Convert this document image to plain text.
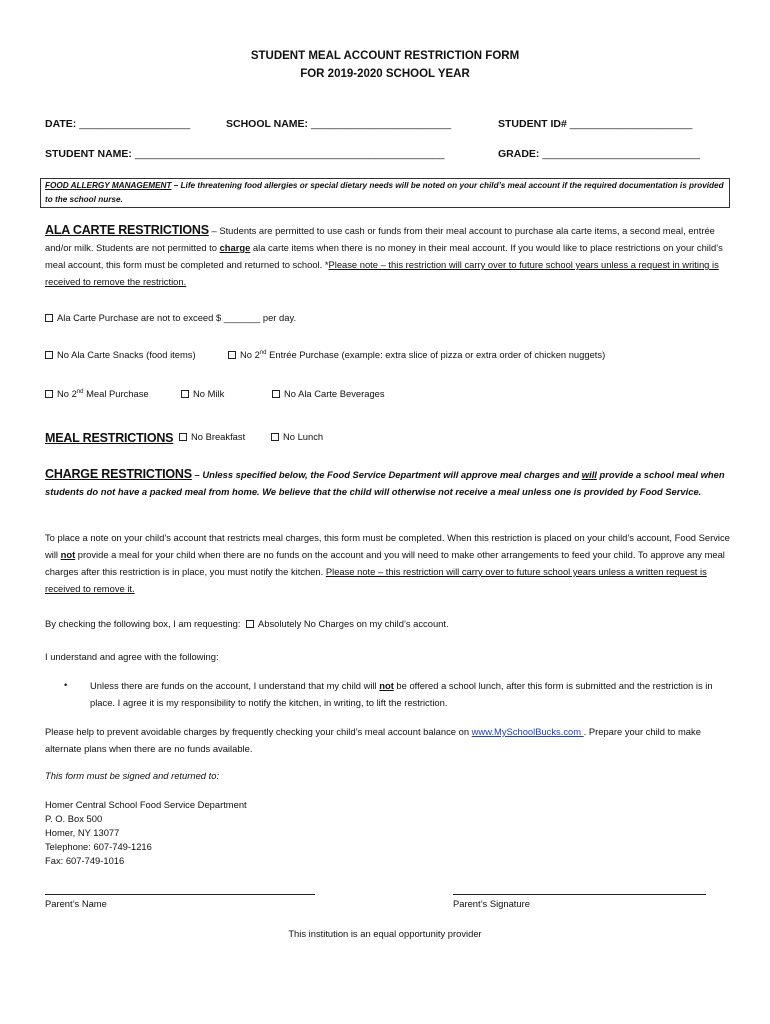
STUDENT MEAL ACCOUNT RESTRICTION FORM
FOR 2019-2020 SCHOOL YEAR
DATE: ___________________	SCHOOL NAME: ________________________	STUDENT ID# _____________________
STUDENT NAME: _____________________________________________________	GRADE: ___________________________
FOOD ALLERGY MANAGEMENT – Life threatening food allergies or special dietary needs will be noted on your child’s meal account if the required documentation is provided to the school nurse.
ALA CARTE RESTRICTIONS – Students are permitted to use cash or funds from their meal account to purchase ala carte items, a second meal, entrée and/or milk. Students are not permitted to charge ala carte items when there is no money in their meal account. If you would like to place restrictions on your child’s meal account, this form must be completed and returned to school. *Please note – this restriction will carry over to future school years unless a request in writing is received to remove the restriction.
Ala Carte Purchase are not to exceed $ _______ per day.
No Ala Carte Snacks (food items)	No 2nd Entrée Purchase (example: extra slice of pizza or extra order of chicken nuggets)
No 2nd Meal Purchase	No Milk	No Ala Carte Beverages
MEAL RESTRICTIONS	No Breakfast	No Lunch
CHARGE RESTRICTIONS – Unless specified below, the Food Service Department will approve meal charges and will provide a school meal when students do not have a packed meal from home. We believe that the child will otherwise not receive a meal unless one is provided by Food Service.
To place a note on your child’s account that restricts meal charges, this form must be completed. When this restriction is placed on your child’s account, Food Service will not provide a meal for your child when there are no funds on the account and you will need to make other arrangements to feed your child. To approve any meal charges after this restriction is in place, you must notify the kitchen. Please note – this restriction will carry over to future school years unless a written request is received to remove it.
By checking the following box, I am requesting: Absolutely No Charges on my child’s account.
I understand and agree with the following:
• Unless there are funds on the account, I understand that my child will not be offered a school lunch, after this form is submitted and the restriction is in place. I agree it is my responsibility to notify the kitchen, in writing, to lift the restriction.
Please help to prevent avoidable charges by frequently checking your child’s meal account balance on www.MySchoolBucks.com . Prepare your child to make alternate plans when there are no funds available.
This form must be signed and returned to:
Homer Central School Food Service Department
P. O. Box 500
Homer, NY 13077
Telephone: 607-749-1216
Fax: 607-749-1016
Parent’s Name	Parent’s Signature
This institution is an equal opportunity provider
